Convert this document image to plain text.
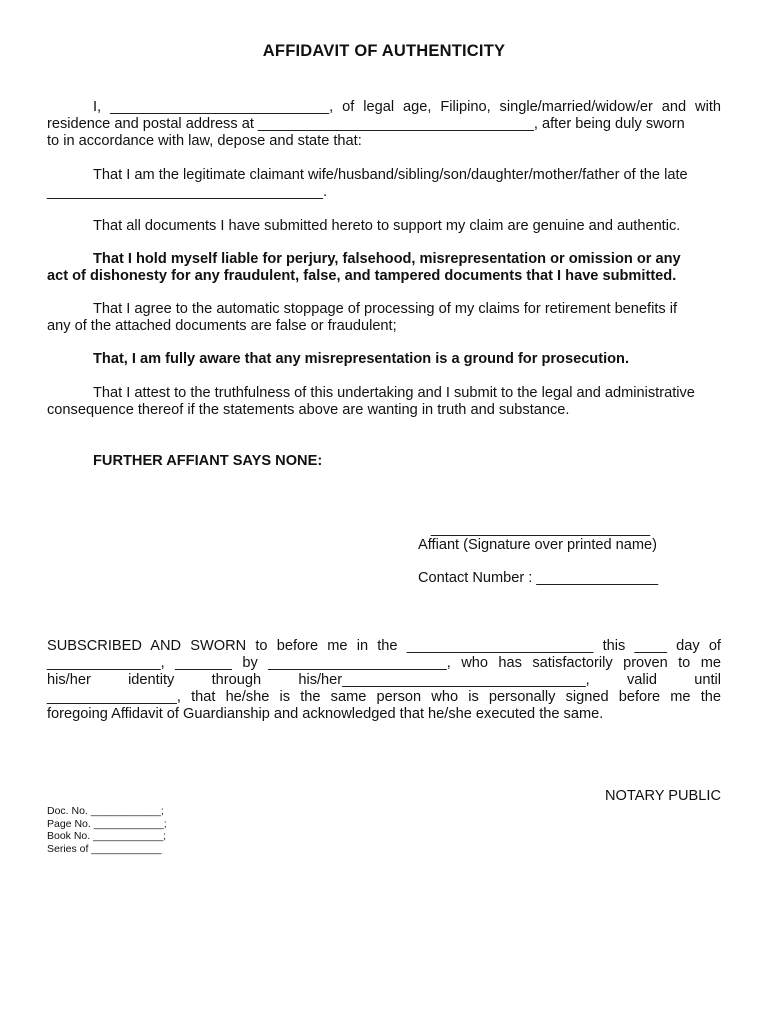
AFFIDAVIT OF AUTHENTICITY

I, ___________________________, of legal age, Filipino, single/married/widow/er and with
residence and postal address at __________________________________, after being duly sworn
to in accordance with law, depose and state that:

That I am the legitimate claimant wife/husband/sibling/son/daughter/mother/father of the late
__________________________________.

That all documents I have submitted hereto to support my claim are genuine and authentic.

That I hold myself liable for perjury, falsehood, misrepresentation or omission or any
act of dishonesty for any fraudulent, false, and tampered documents that I have submitted.

That I agree to the automatic stoppage of processing of my claims for retirement benefits if
any of the attached documents are false or fraudulent;

That, I am fully aware that any misrepresentation is a ground for prosecution.

That I attest to the truthfulness of this undertaking and I submit to the legal and administrative
consequence thereof if the statements above are wanting in truth and substance.

FURTHER AFFIANT SAYS NONE:

___________________________
Affiant (Signature over printed name)
Contact Number : _______________

SUBSCRIBED AND SWORN to before me in the _______________________ this ____ day of
______________, _______ by ______________________, who has satisfactorily proven to me
his/her identity through his/her______________________________, valid until
________________, that he/she is the same person who is personally signed before me the
foregoing Affidavit of Guardianship and acknowledged that he/she executed the same.

NOTARY PUBLIC
Doc. No. ____________;
Page No. ____________;
Book No. ____________;
Series of ____________
